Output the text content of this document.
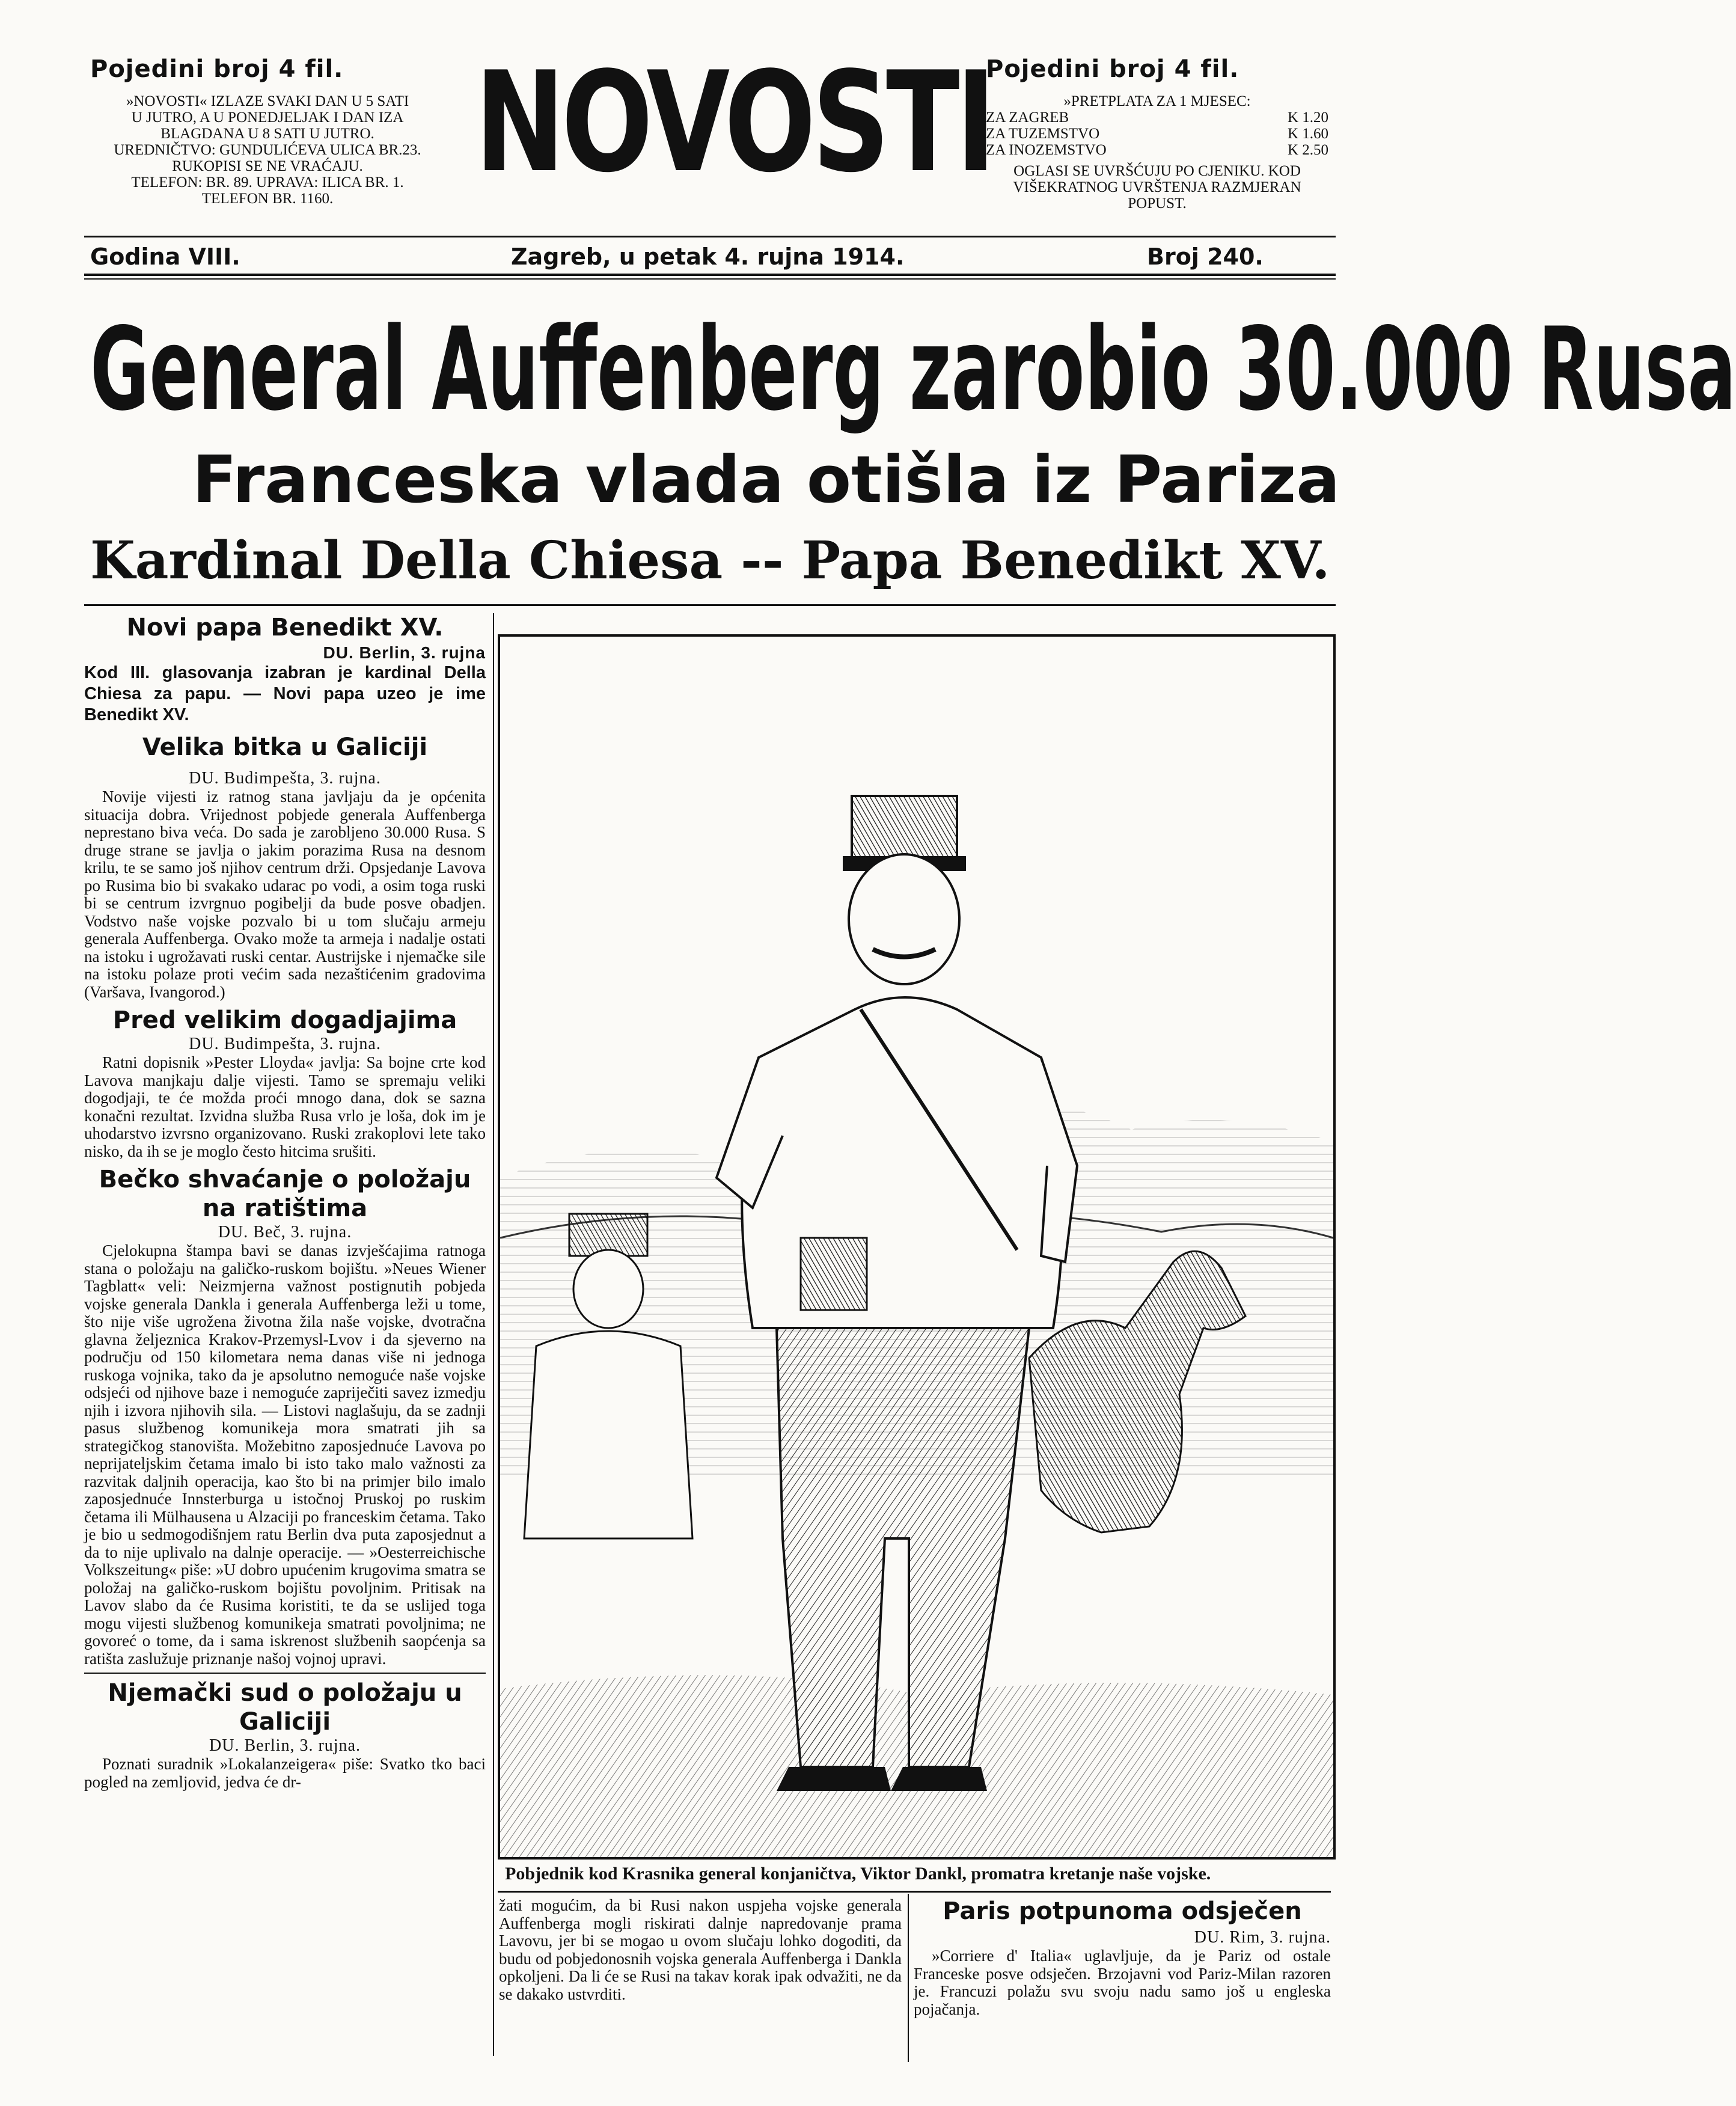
Pojedini broj 4 fil.	Pojedini broj 4 fil.
»NOVOSTI« IZLAZE SVAKI DAN U 5 SATI
U JUTRO, A U PONEDJELJAK I DAN IZA
BLAGDANA U 8 SATI U JUTRO.
UREDNIČTVO: GUNDULIĆEVA ULICA BR.23.
RUKOPISI SE NE VRAĆAJU.
TELEFON: BR. 89. UPRAVA: ILICA BR. 1.
TELEFON BR. 1160.	NOVOSTI	»PRETPLATA ZA 1 MJESEC:
ZA ZAGREB	K 1.20
ZA TUZEMSTVO	K 1.60
ZA INOZEMSTVO	K 2.50
OGLASI SE UVRŠĆUJU PO CJENIKU. KOD VIŠEKRATNOG UVRŠTENJA RAZMJERAN POPUST.
Godina VIII.	Zagreb, u petak 4. rujna 1914.	Broj 240.
General Auffenberg zarobio 30.000 Rusa
Franceska vlada otišla iz Pariza
Kardinal Della Chiesa -- Papa Benedikt XV.
Novi papa Benedikt XV.
DU. Berlin, 3. rujna
Kod III. glasovanja izabran je kardinal Della Chiesa za papu. — Novi papa uzeo je ime Benedikt XV.
Velika bitka u Galiciji
DU. Budimpešta, 3. rujna.

Novije vijesti iz ratnog stana javljaju da je općenita situacija dobra. Vrijednost pobjede generala Auffenberga neprestano biva veća. Do sada je zarobljeno 30.000 Rusa. S druge strane se javlja o jakim porazima Rusa na desnom krilu, te se samo još njihov centrum drži. Opsjedanje Lavova po Rusima bio bi svakako udarac po vodi, a osim toga ruski bi se centrum izvrgnuo pogibelji da bude posve obadjen. Vodstvo naše vojske pozvalo bi u tom slučaju armeju generala Auffenberga. Ovako može ta armeja i nadalje ostati na istoku i ugrožavati ruski centar. Austrijske i njemačke sile na istoku polaze proti većim sada nezaštićenim gradovima (Varšava, Ivangorod.)

Pred velikim dogadjajima
DU. Budimpešta, 3. rujna.

Ratni dopisnik »Pester Lloyda« javlja: Sa bojne crte kod Lavova manjkaju dalje vijesti. Tamo se spremaju veliki dogodjaji, te će možda proći mnogo dana, dok se sazna konačni rezultat. Izvidna služba Rusa vrlo je loša, dok im je uhodarstvo izvrsno organizovano. Ruski zrakoplovi lete tako nisko, da ih se je moglo često hitcima srušiti.

Bečko shvaćanje o položaju na ratištima
DU. Beč, 3. rujna.

Cjelokupna štampa bavi se danas izvješćajima ratnoga stana o položaju na galičko-ruskom bojištu. »Neues Wiener Tagblatt« veli: Neizmjerna važnost postignutih pobjeda vojske generala Dankla i generala Auffenberga leži u tome, što nije više ugrožena životna žila naše vojske, dvotračna glavna željeznica Krakov-Przemysl-Lvov i da sjeverno na području od 150 kilometara nema danas više ni jednoga ruskoga vojnika, tako da je apsolutno nemoguće naše vojske odsjeći od njihove baze i nemoguće zapriječiti savez izmedju njih i izvora njihovih sila. — Listovi naglašuju, da se zadnji pasus službenog komunikeja mora smatrati jih sa strategičkog stanovišta. Možebitno zaposjednuće Lavova po neprijateljskim četama imalo bi isto tako malo važnosti za razvitak daljnih operacija, kao što bi na primjer bilo imalo zaposjednuće Innsterburga u istočnoj Pruskoj po ruskim četama ili Mülhausena u Alzaciji po franceskim četama. Tako je bio u sedmogodišnjem ratu Berlin dva puta zaposjednut a da to nije uplivalo na dalnje operacije. — »Oesterreichische Volkszeitung« piše: »U dobro upućenim krugovima smatra se položaj na galičko-ruskom bojištu povoljnim. Pritisak na Lavov slabo da će Rusima koristiti, te da se uslijed toga mogu vijesti službenog komunikeja smatrati povoljnima; ne govoreć o tome, da i sama iskrenost službenih saopćenja sa ratišta zaslužuje priznanje našoj vojnoj upravi.

Njemački sud o položaju u Galiciji
DU. Berlin, 3. rujna.

Poznati suradnik »Lokalanzeigera« piše: Svatko tko baci pogled na zemljovid, jedva će dr-

Pobjednik kod Krasnika general konjaničtva, Viktor Dankl, promatra kretanje naše vojske.

žati mogućim, da bi Rusi nakon uspjeha vojske generala Auffenberga mogli riskirati dalnje napredovanje prama Lavovu, jer bi se mogao u ovom slučaju lohko dogoditi, da budu od pobjedonosnih vojska generala Auffenberga i Dankla opkoljeni. Da li će se Rusi na takav korak ipak odvažiti, ne da se dakako ustvrditi.

Paris potpunoma odsječen
DU. Rim, 3. rujna.

»Corriere d' Italia« uglavljuje, da je Pariz od ostale Franceske posve odsječen. Brzojavni vod Pariz-Milan razoren je. Francuzi polažu svu svoju nadu samo još u engleska pojačanja.
